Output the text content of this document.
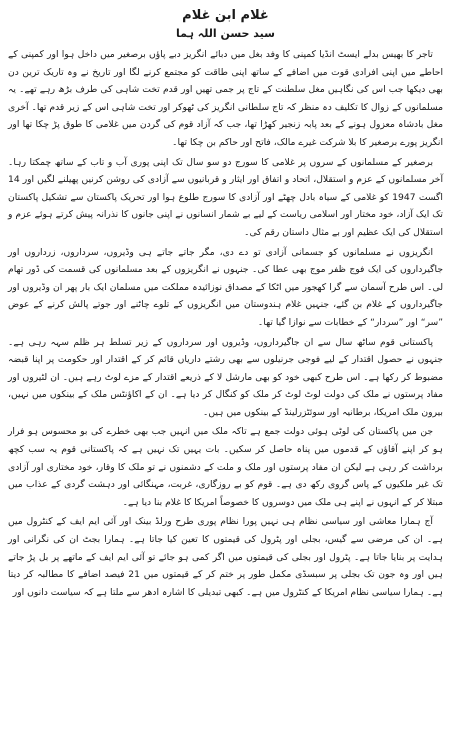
غلام ابن غلام
سید حسن اللہ ہما

تاجر کا بھیس بدلے ایسٹ انڈیا کمپنی کا وفد بغل میں دبائے انگریز دبے پاؤں برصغیر میں داخل ہوا اور کمپنی کے احاطے میں اپنی افرادی قوت میں اضافے کے ساتھ اپنی طاقت کو مجتمع کرنے لگا اور تاریخ نے وہ تاریک ترین دن بھی دیکھا جب اس کی نگاہیں مغل سلطنت کے تاج پر جمی تھیں اور قدم تخت شاہی کی طرف بڑھ رہے تھے۔ یہ مسلمانوں کے زوال کا تکلیف دہ منظر کہ تاج سلطانی انگریز کی ٹھوکر اور تخت شاہی اس کے زیر قدم تھا۔ آخری مغل بادشاہ معزول ہونے کے بعد پابہ زنجیر کھڑا تھا، جب کہ آزاد قوم کی گردن میں غلامی کا طوق پڑ چکا تھا اور انگریز پورے برصغیر کا بلا شرکت غیرے مالک، فاتح اور حاکم بن چکا تھا۔

برصغیر کے مسلمانوں کے سروں پر غلامی کا سورج دو سو سال تک اپنی پوری آب و تاب کے ساتھ چمکتا رہا۔ آخر مسلمانوں کے عزم و استقلال، اتحاد و اتفاق اور ایثار و قربانیوں سے آزادی کی روشن کرنیں پھیلنے لگیں اور 14 اگست 1947 کو غلامی کے سیاہ بادل چھٹے اور آزادی کا سورج طلوع ہوا اور تحریک پاکستان سے تشکیل پاکستان تک ایک آزاد، خود مختار اور اسلامی ریاست کے لیے بے شمار انسانوں نے اپنی جانوں کا نذرانہ پیش کرتے ہوئے عزم و استقلال کی ایک عظیم اور بے مثال داستان رقم کی۔

انگریزوں نے مسلمانوں کو جسمانی آزادی تو دے دی، مگر جاتے جاتے ہی وڈیروں، سرداروں، زرداروں اور جاگیرداروں کی ایک فوج ظفر موج بھی عطا کی۔ جنہوں نے انگریزوں کے بعد مسلمانوں کی قسمت کی ڈور تھام لی۔ اس طرح آسمان سے گرا کھجور میں اٹکا کے مصداق نوزائیدہ مملکت میں مسلمان ایک بار پھر ان وڈیروں اور جاگیرداروں کے غلام بن گئے، جنہیں غلام ہندوستان میں انگریزوں کے تلوے چاٹنے اور جوتے پالش کرنے کے عوض ”سر“ اور ”سردار“ کے خطابات سے نوازا گیا تھا۔

پاکستانی قوم ساٹھ سال سے ان جاگیرداروں، وڈیروں اور سرداروں کے زیر تسلط ہر ظلم سہہ رہی ہے۔ جنہوں نے حصول اقتدار کے لیے فوجی جرنیلوں سے بھی رشتے داریاں قائم کر کے اقتدار اور حکومت پر اپنا قبضہ مضبوط کر رکھا ہے۔ اس طرح کبھی خود کو بھی مارشل لا کے ذریعے اقتدار کے مزے لوٹ رہے ہیں۔ ان لٹیروں اور مفاد پرستوں نے ملک کی دولت لوٹ لوٹ کر ملک کو کنگال کر دیا ہے۔ ان کے اکاؤنٹس ملک کے بینکوں میں نہیں، بیرون ملک امریکا، برطانیہ اور سوئٹزرلینڈ کے بینکوں میں ہیں۔

جن میں پاکستان کی لوٹی ہوئی دولت جمع ہے تاکہ ملک میں انہیں جب بھی خطرے کی بو محسوس ہو فرار ہو کر اپنے آقاؤں کے قدموں میں پناہ حاصل کر سکیں۔ بات یہیں تک نہیں ہے کہ پاکستانی قوم یہ سب کچھ برداشت کر رہی ہے لیکن ان مفاد پرستوں اور ملک و ملت کے دشمنوں نے تو ملک کا وقار، خود مختاری اور آزادی تک غیر ملکیوں کے پاس گروی رکھ دی ہے۔ قوم کو بے روزگاری، غربت، مہنگائی اور دہشت گردی کے عذاب میں مبتلا کر کے انہوں نے اپنے ہی ملک میں دوسروں کا خصوصاً امریکا کا غلام بنا دیا ہے۔

آج ہمارا معاشی اور سیاسی نظام ہی نہیں پورا نظام پوری طرح ورلڈ بینک اور آئی ایم ایف کے کنٹرول میں ہے۔ ان کی مرضی سے گیس، بجلی اور پٹرول کی قیمتوں کا تعین کیا جاتا ہے۔ ہمارا بجٹ ان کی نگرانی اور ہدایت پر بنایا جاتا ہے۔ پٹرول اور بجلی کی قیمتوں میں اگر کمی ہو جائے تو آئی ایم ایف کے ماتھے پر بل پڑ جاتے ہیں اور وہ جون تک بجلی پر سبسڈی مکمل طور پر ختم کر کے قیمتوں میں 21 فیصد اضافے کا مطالبہ کر دیتا ہے۔ ہمارا سیاسی نظام امریکا کے کنٹرول میں ہے۔ کبھی تبدیلی کا اشارہ ادھر سے ملتا ہے کہ سیاست دانوں اور
